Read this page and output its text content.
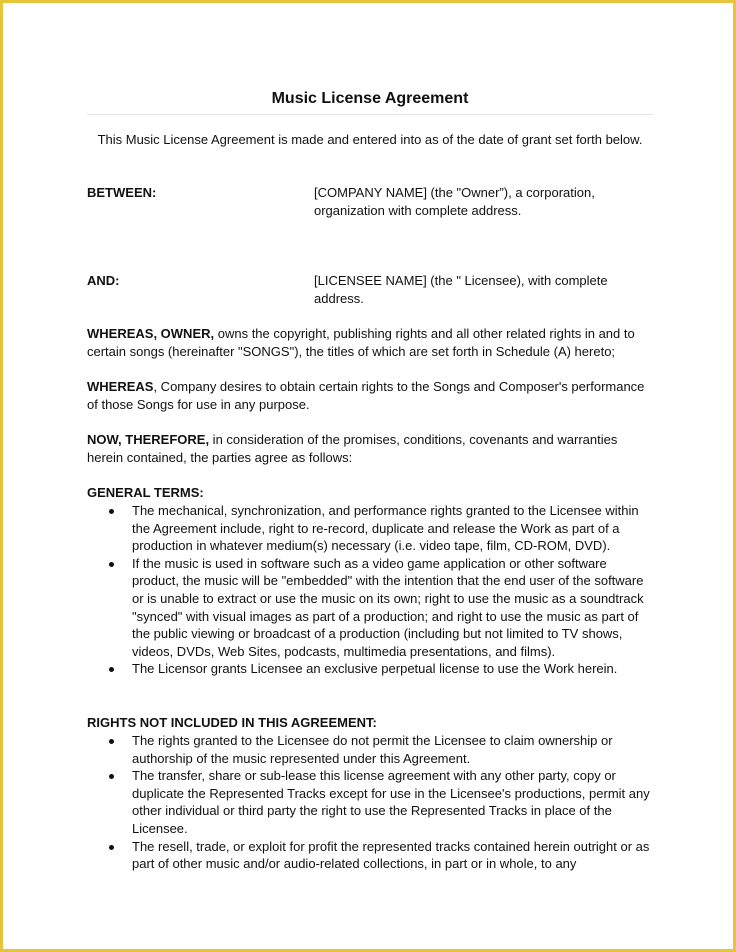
Music License Agreement
This Music License Agreement is made and entered into as of the date of grant set forth below.
BETWEEN:	[COMPANY NAME] (the "Owner”), a corporation, organization with complete address.
AND:	[LICENSEE NAME] (the " Licensee), with complete address.
WHEREAS, OWNER, owns the copyright, publishing rights and all other related rights in and to certain songs (hereinafter "SONGS"), the titles of which are set forth in Schedule (A) hereto;
WHEREAS, Company desires to obtain certain rights to the Songs and Composer's performance of those Songs for use in any purpose.
NOW, THEREFORE, in consideration of the promises, conditions, covenants and warranties herein contained, the parties agree as follows:
GENERAL TERMS:
The mechanical, synchronization, and performance rights granted to the Licensee within the Agreement include, right to re-record, duplicate and release the Work as part of a production in whatever medium(s) necessary (i.e. video tape, film, CD-ROM, DVD).
If the music is used in software such as a video game application or other software product, the music will be "embedded" with the intention that the end user of the software or is unable to extract or use the music on its own; right to use the music as a soundtrack "synced" with visual images as part of a production; and right to use the music as part of the public viewing or broadcast of a production (including but not limited to TV shows, videos, DVDs, Web Sites, podcasts, multimedia presentations, and films).
The Licensor grants Licensee an exclusive perpetual license to use the Work herein.
RIGHTS NOT INCLUDED IN THIS AGREEMENT:
The rights granted to the Licensee do not permit the Licensee to claim ownership or authorship of the music represented under this Agreement.
The transfer, share or sub-lease this license agreement with any other party, copy or duplicate the Represented Tracks except for use in the Licensee's productions, permit any other individual or third party the right to use the Represented Tracks in place of the Licensee.
The resell, trade, or exploit for profit the represented tracks contained herein outright or as part of other music and/or audio-related collections, in part or in whole, to any
